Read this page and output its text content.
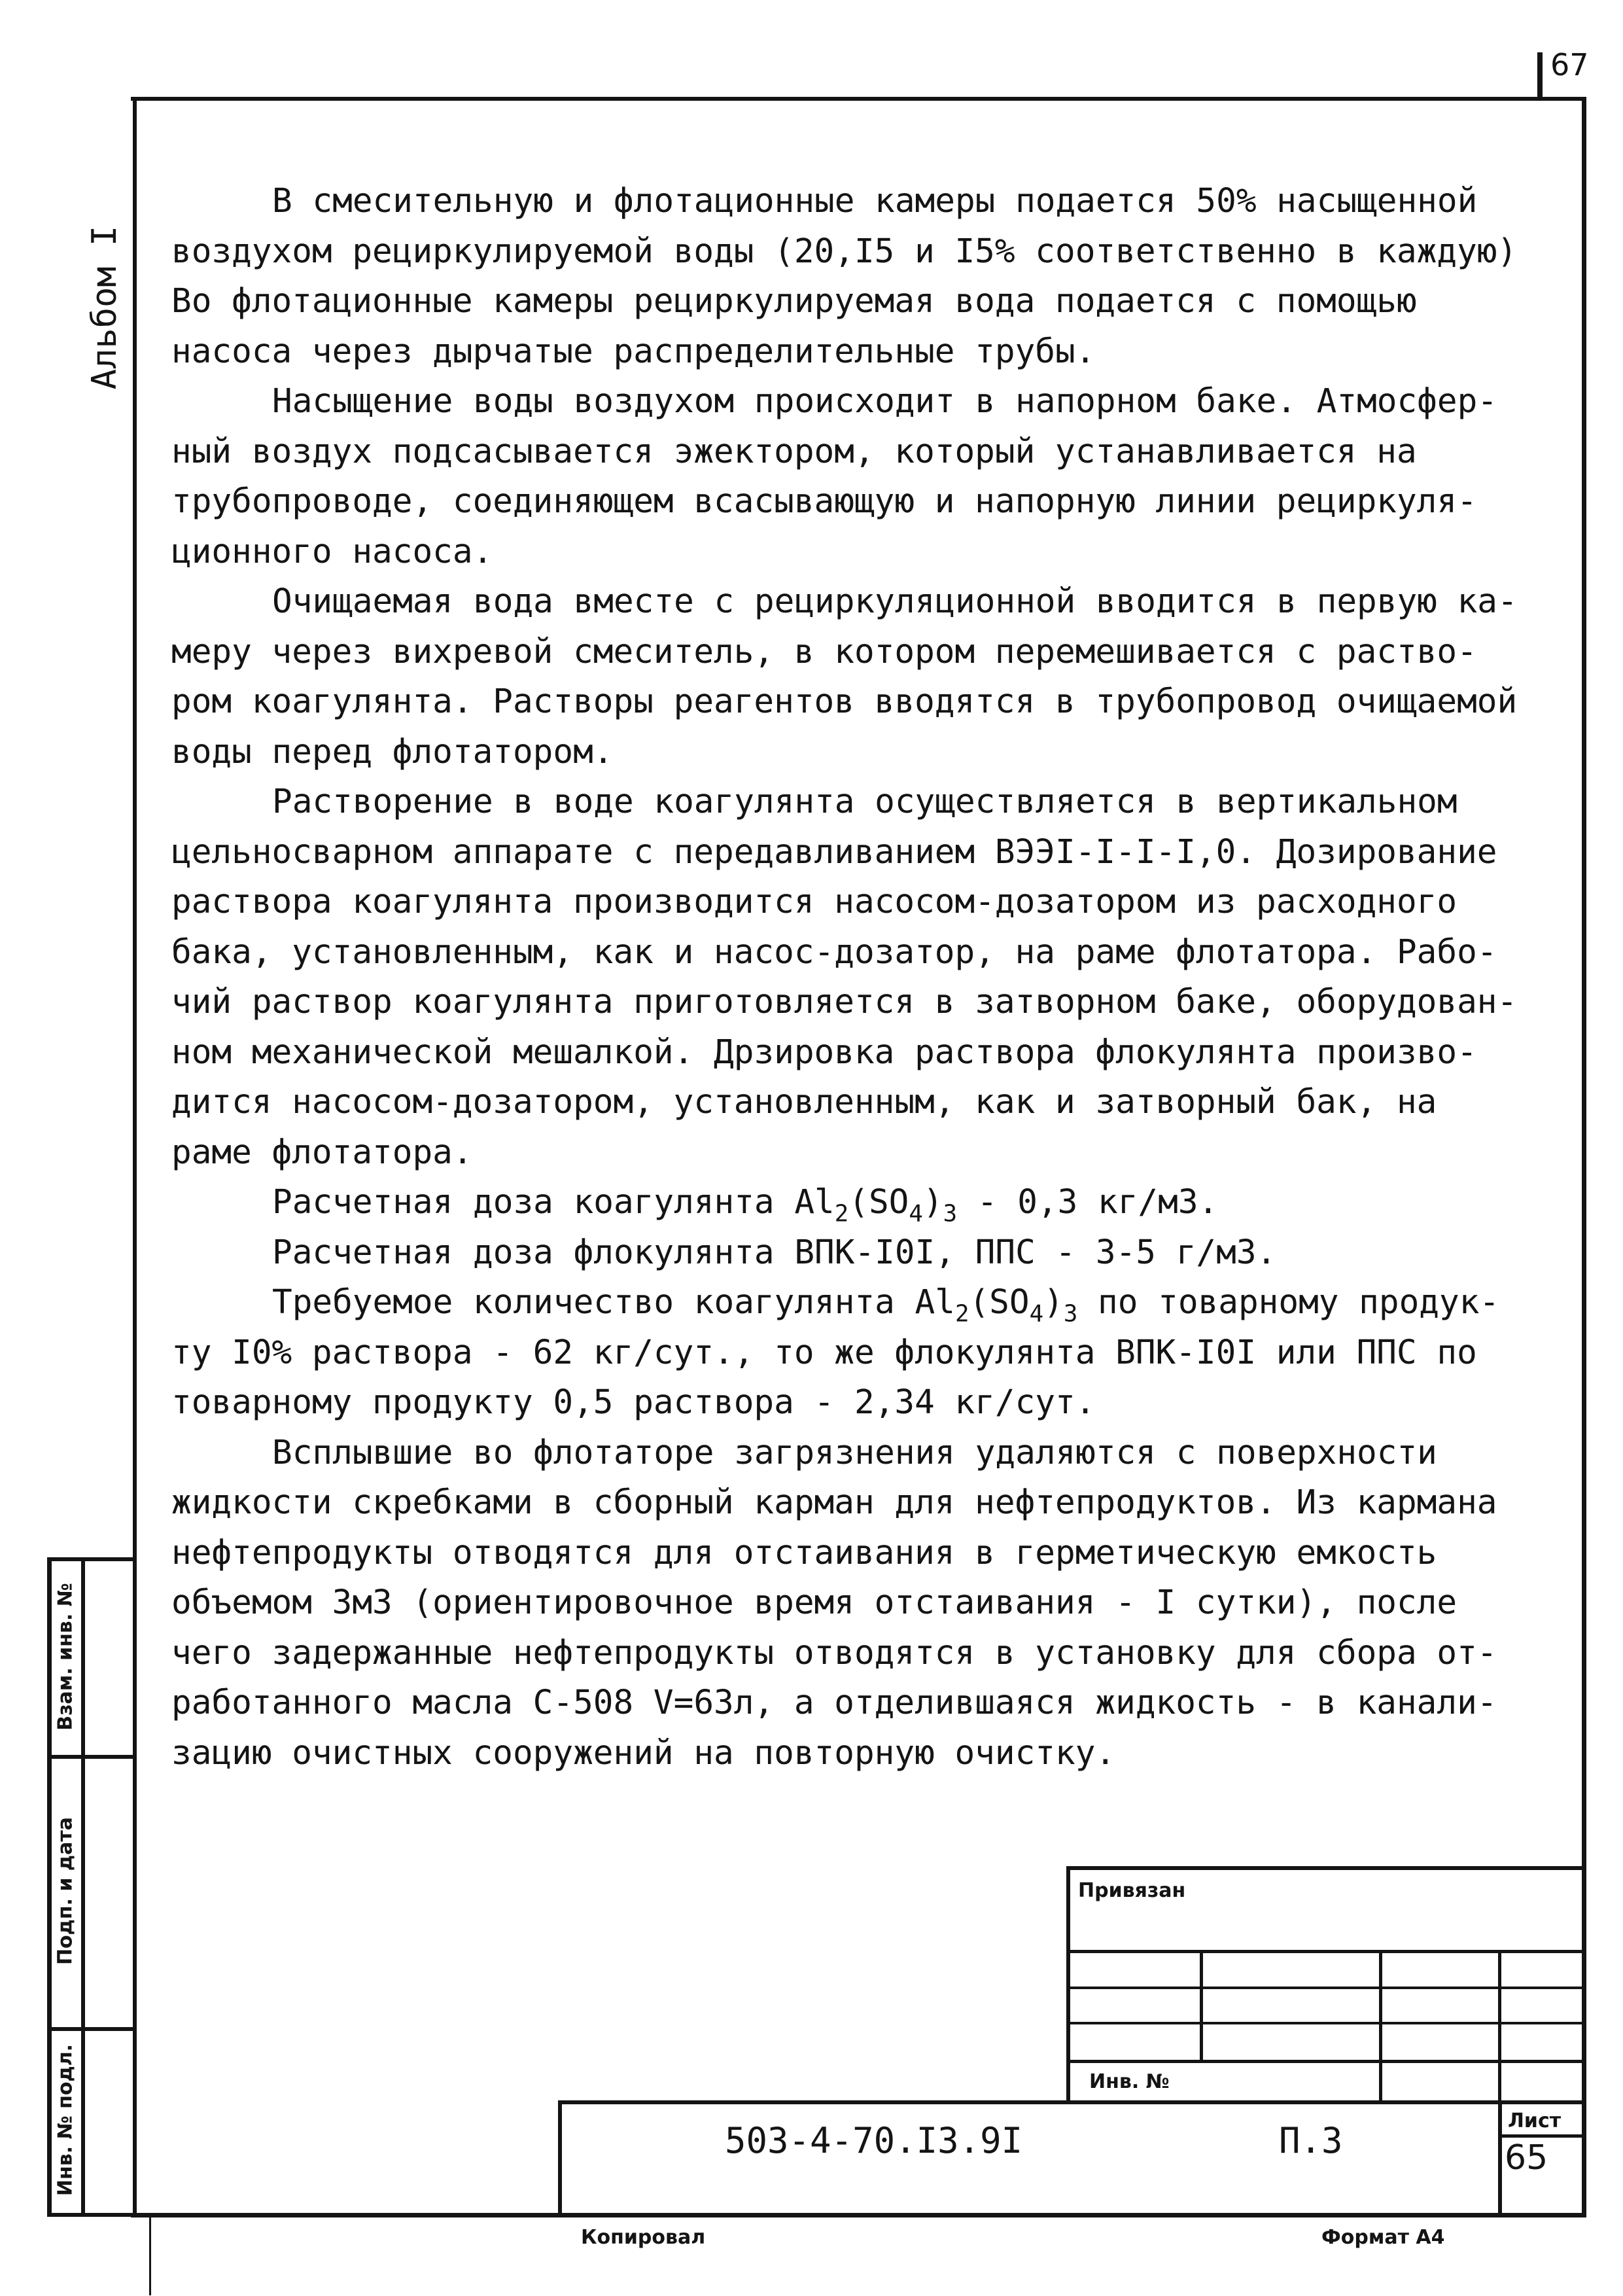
67
Альбом I
В смесительную и флотационные камеры подается 50% насыщенной
воздухом рециркулируемой воды (20,I5 и I5% соответственно в каждую)
Во флотационные камеры рециркулируемая вода подается с помощью
насоса через дырчатые распределительные трубы.
Насыщение воды воздухом происходит в напорном баке. Атмосфер-
ный воздух подсасывается эжектором, который устанавливается на
трубопроводе, соединяющем всасывающую и напорную линии рециркуля-
ционного насоса.
Очищаемая вода вместе с рециркуляционной вводится в первую ка-
меру через вихревой смеситель, в котором перемешивается с раство-
ром коагулянта. Растворы реагентов вводятся в трубопровод очищаемой
воды перед флотатором.
Растворение в воде коагулянта осуществляется в вертикальном
цельносварном аппарате с передавливанием ВЭЭI-I-I-I,0. Дозирование
раствора коагулянта производится насосом-дозатором из расходного
бака, установленным, как и насос-дозатор, на раме флотатора. Рабо-
чий раствор коагулянта приготовляется в затворном баке, оборудован-
ном механической мешалкой. Дрзировка раствора флокулянта произво-
дится насосом-дозатором, установленным, как и затворный бак, на
раме флотатора.
Расчетная доза коагулянта $Al_2(SO_4)_3 - 0,3$ кг/м3.
Расчетная доза флокулянта ВПК-I0I, ППС - 3-5 г/м3.
Требуемое количество коагулянта $Al_2(SO_4)_3$ по товарному продук-
ту I0% раствора - 62 кг/сут., то же флокулянта ВПК-I0I или ППС по
товарному продукту 0,5 раствора - 2,34 кг/сут.
Всплывшие во флотаторе загрязнения удаляются с поверхности
жидкости скребками в сборный карман для нефтепродуктов. Из кармана
нефтепродукты отводятся для отстаивания в герметическую емкость
объемом 3м3 (ориентировочное время отстаивания - I сутки), после
чего задержанные нефтепродукты отводятся в установку для сбора от-
работанного масла С-508 V=63л, а отделившаяся жидкость - в канали-
зацию очистных сооружений на повторную очистку.
Взам. инв. №
Подп. и дата
Инв. № подл.
Привязан
Инв. №
Лист
503-4-70.I3.9I	П.3	65
Копировал	Формат А4
